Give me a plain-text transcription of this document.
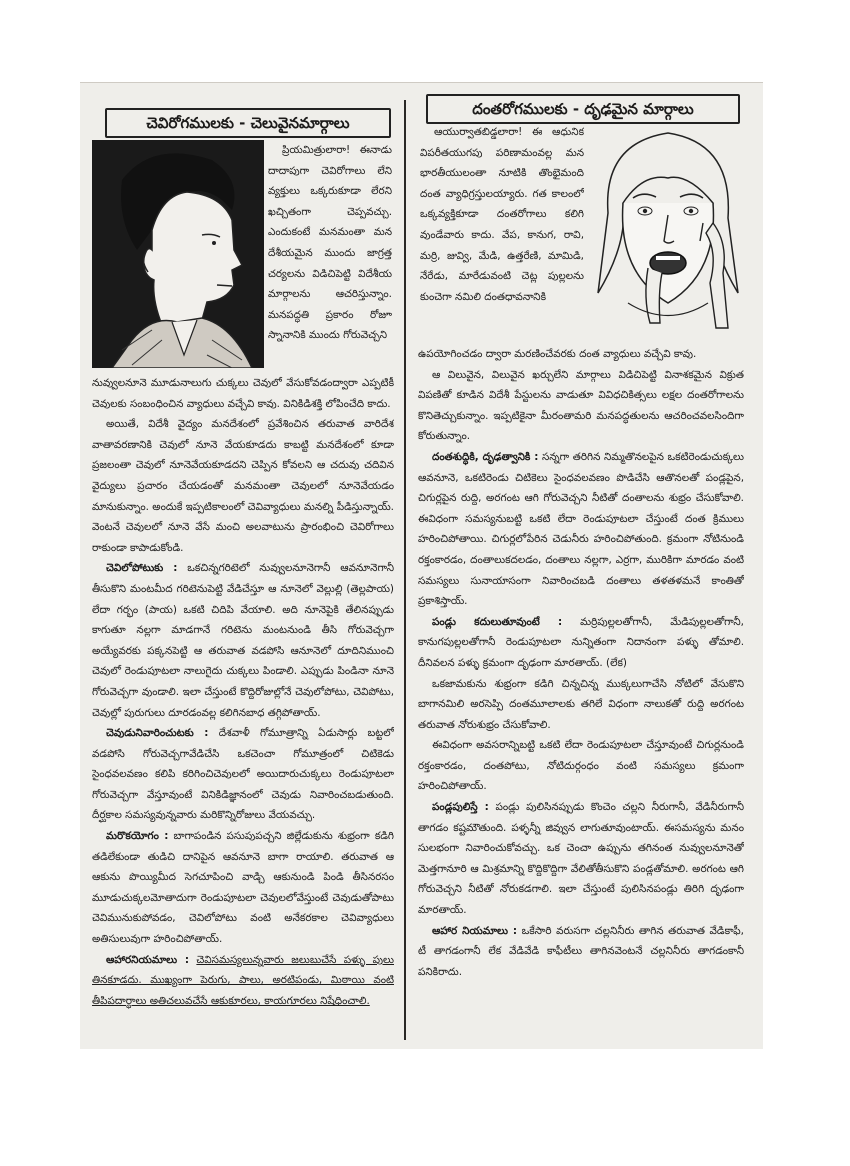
చెవిరోగములకు - చెలువైనమార్గాలు

ప్రియమిత్రులారా! ఈనాడు దాదాపుగా చెవిరోగాలు లేని వ్యక్తులు ఒక్కరుకూడా లేరని ఖచ్చితంగా చెప్పవచ్చు. ఎందుకంటే మనమంతా మన దేశీయమైన ముందు జాగ్రత్త చర్యలను విడిచిపెట్టి విదేశీయ మార్గాలను ఆచరిస్తున్నాం. మనపద్ధతి ప్రకారం రోజూ స్నానానికి ముందు గోరువెచ్చని

నువ్వులనూనె మూడునాలుగు చుక్కలు చెవులో వేసుకోవడంద్వారా ఎప్పటికీ చెవులకు సంబంధించిన వ్యాధులు వచ్చేవి కావు. వినికిడిశక్తి లోపించేది కాదు.

అయితే, విదేశీ వైద్యం మనదేశంలో ప్రవేశించిన తరువాత వారిదేశ వాతావరణానికి చెవులో నూనె వేయకూడదు కాబట్టి మనదేశంలో కూడా ప్రజలంతా చెవులో నూనెవేయకూడదని చెప్పిన కోవలని ఆ చదువు చదివిన వైద్యులు ప్రచారం చేయడంతో మనమంతా చెవులలో నూనెవేయడం మానుకున్నాం. అందుకే ఇప్పటికాలంలో చెవివ్యాధులు మనల్ని పీడిస్తున్నాయ్. వెంటనే చెవులలో నూనె వేసే మంచి అలవాటును ప్రారంభించి చెవిరోగాలు రాకుండా కాపాడుకోండి.

చెవిలోపోటుకు : ఒకచిన్నగరిటెలో నువ్వులనూనెగానీ ఆవనూనెగానీ తీసుకొని మంటమీద గరిటెనుపెట్టి వేడిచేస్తూ ఆ నూనెలో వెల్లుల్లి (తెల్లపాయ) లేదా గర్భం (పాయ) ఒకటి చిదిపి వేయాలి. అది నూనెపైకి తేలినప్పుడు కాగుతూ నల్లగా మాడగానే గరిటెను మంటనుండి తీసి గోరువెచ్చగా అయ్యేవరకు పక్కనపెట్టి ఆ తరువాత వడపోసి ఆనూనెలో దూదినిముంచి చెవులో రెండుపూటలా నాలుగైదు చుక్కలు పిండాలి. ఎప్పుడు పిండినా నూనె గోరువెచ్చగా వుండాలి. ఇలా చేస్తుంటే కొద్దిరోజుల్లోనే చెవులోపోటు, చెవిపోటు, చెవుల్లో పురుగులు దూరడంవల్ల కలిగినబాధ తగ్గిపోతాయ్.

చెవుడునివారించుటకు : దేశవాళీ గోమూత్రాన్ని ఏడుసార్లు బట్టలో వడపోసి గోరువెచ్చగావేడిచేసి ఒకచెంచా గోమూత్రంలో చిటికెడు సైంధవలవణం కలిపి కరిగించిచెవులలో అయిదారుచుక్కలు రెండుపూటలా గోరువెచ్చగా వేస్తూవుంటే వినికిడిజ్ఞానంలో చెవుడు నివారించబడుతుంది. దీర్ఘకాల సమస్యవున్నవారు మరికొన్నిరోజులు వేయవచ్చు.

మరొకయోగం : బాగాపండిన పసుపుపచ్చని జిల్లేడుకును శుభ్రంగా కడిగి తడిలేకుండా తుడిచి దానిపైన ఆవనూనె బాగా రాయాలి. తరువాత ఆ ఆకును పొయ్యిమీద సెగచూపించి వాడ్చి ఆకునుండి పిండి తీసినరసం మూడుచుక్కలమోతాదుగా రెండుపూటలా చెవులలోవేస్తుంటే చెవుడుతోపాటు చెవిమునుకుపోవడం, చెవిలోపోటు వంటి అనేకరకాల చెవివ్యాధులు అతిసులువుగా హరించిపోతాయ్.

ఆహారనియమాలు : చెవిసమస్యలున్నవారు జలుబుచేసే పళ్ళు పులు తినకూడదు. ముఖ్యంగా పెరుగు, పాలు, అరటిపండు, మిఠాయి వంటి తీపిపదార్థాలు అతిచలువచేసే ఆకుకూరలు, కాయగూరలు నిషేధించాలి.

దంతరోగములకు - దృఢమైన మార్గాలు

ఆయుర్వాతబిడ్డలారా! ఈ ఆధునిక విపరీతయుగపు పరిణామంవల్ల మన భారతీయులంతా నూటికి తొంభైమంది దంత వ్యాధిగ్రస్తులయ్యారు. గత కాలంలో ఒక్కవ్యక్తికూడా దంతరోగాలు కలిగి వుండేవారు కాదు. వేప, కానుగ, రావి, మర్రి, జువ్వి, మేడి, ఉత్తరేణి, మామిడి, నేరేడు, మారేడువంటి చెట్ల పుల్లలను కుంచెగా నమిలి దంతధావనానికి

ఉపయోగించడం ద్వారా మరణించేవరకు దంత వ్యాధులు వచ్చేవి కావు.

ఆ విలువైన, విలువైన ఖర్చులేని మార్గాలు విడిచిపెట్టి వినాశకమైన విక్రుత విపణితో కూడిన విదేశీ పేస్టులను వాడుతూ వివిధచికిత్సలు లక్షల దంతరోగాలను కొనితెచ్చుకున్నాం. ఇప్పటికైనా మీరంతామరి మనపద్ధతులను ఆచరించవలసిందిగా కోరుతున్నాం.

దంతశుద్ధికి, దృఢత్వానికి : సన్నగా తరిగిన నిమ్మతొనలపైన ఒకటిరెండుచుక్కలు ఆవనూనె, ఒకటిరెండు చిటికెలు సైంధవలవణం పొడిచేసి ఆతొనలతో పండ్లపైన, చిగుర్లపైన రుద్ది, అరగంట ఆగి గోరువెచ్చని నీటితో దంతాలను శుభ్రం చేసుకోవాలి. ఈవిధంగా సమస్యనుబట్టి ఒకటి లేదా రెండుపూటలా చేస్తుంటే దంత క్రిములు హరించిపోతాయి. చిగుర్లలోపేరిన చెడునీరు హరించిపోతుంది. క్రమంగా నోటినుండి రక్తంకారడం, దంతాలుకదలడం, దంతాలు నల్లగా, ఎర్రగా, మురికిగా మారడం వంటి సమస్యలు సునాయాసంగా నివారించబడి దంతాలు తళతళమనే కాంతితో ప్రకాశిస్తాయ్.

పండ్లు కదులుతూవుంటే : మర్రిపుల్లలతోగానీ, మేడిపుల్లలతోగానీ, కానుగపుల్లలతోగానీ రెండుపూటలా నున్నితంగా నిదానంగా పళ్ళు తోమాలి. దీనివలన పళ్ళు క్రమంగా దృఢంగా మారతాయ్. (లేక)

ఒకజామకును శుభ్రంగా కడిగి చిన్నచిన్న ముక్కలుగాచేసి నోటిలో వేసుకొని బాగానమిలి అరసెప్పి దంతమూలాలకు తగిలే విధంగా నాలుకతో రుద్ది అరగంట తరువాత నోరుశుభ్రం చేసుకోవాలి.

ఈవిధంగా అవసరాన్నిబట్టి ఒకటి లేదా రెండుపూటలా చేస్తూవుంటే చిగుర్లనుండి రక్తంకారడం, దంతపోటు, నోటిదుర్గంధం వంటి సమస్యలు క్రమంగా హరించిపోతాయ్.

పండ్లపులిస్తే : పండ్లు పులిసినప్పుడు కొంచెం చల్లని నీరుగానీ, వేడినీరుగానీ తాగడం కష్టమౌతుంది. పళ్ళన్నీ జివ్వున లాగుతూవుంటాయ్. ఈసమస్యను మనం సులభంగా నివారించుకోవచ్చు. ఒక చెంచా ఉప్పును తగినంత నువ్వులనూనెతో మెత్తగానూరి ఆ మిశ్రమాన్ని కొద్దికొద్దిగా వేలితోతీసుకొని పండ్లతోమాలి. అరగంట ఆగి గోరువెచ్చని నీటితో నోరుకడగాలి. ఇలా చేస్తుంటే పులిసినపండ్లు తిరిగి దృఢంగా మారతాయ్.

ఆహార నియమాలు : ఒకేసారి వరుసగా చల్లనినీరు తాగిన తరువాత వేడికాఫీ, టీ తాగడంగానీ లేక వేడివేడి కాఫీటీలు తాగినవెంటనే చల్లనినీరు తాగడంకానీ పనికిరాదు.
